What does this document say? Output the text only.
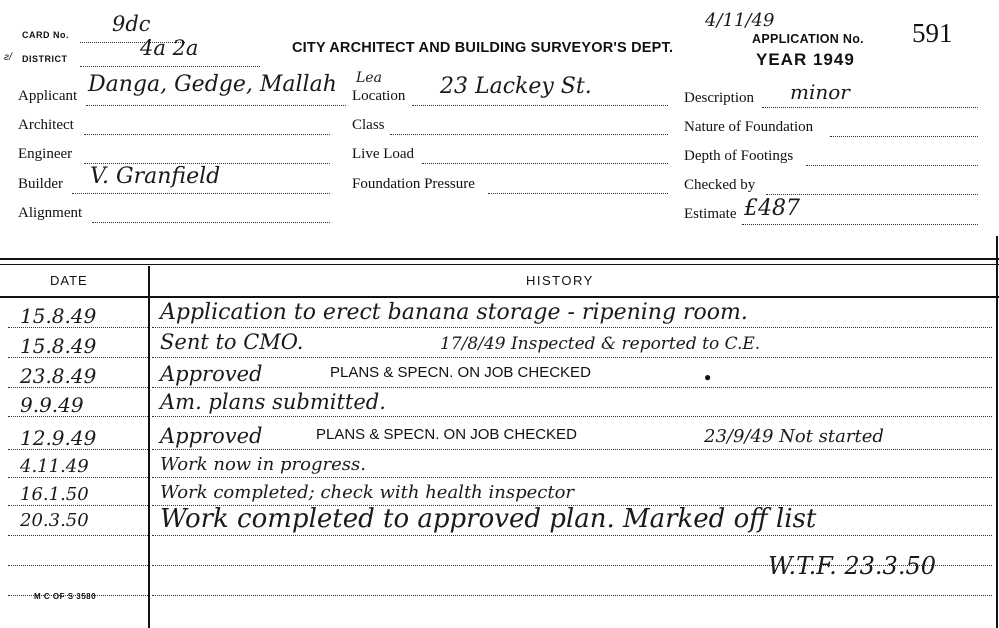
CARD No. 9dc
ƨ/ DISTRICT	4a 2a	CITY ARCHITECT AND BUILDING SURVEYOR'S DEPT.
4/11/49
APPLICATION No. 591
YEAR 1949
Applicant Danga, Gedge, Mallah
Architect
Engineer
Builder V. Granfield
Alignment
Lea
Location 23 Lackey St.
Class
Live Load
Foundation Pressure
Description minor
Nature of Foundation
Depth of Footings
Checked by
Estimate £487
DATE	HISTORY
15.8.49	Application to erect banana storage - ripening room.
15.8.49	Sent to CMO.	17/8/49 Inspected & reported to C.E.
23.8.49	Approved	PLANS & SPECN. ON JOB CHECKED	●
9.9.49	Am. plans submitted.
12.9.49	Approved	PLANS & SPECN. ON JOB CHECKED	23/9/49 Not started
4.11.49	Work now in progress.
16.1.50	Work completed; check with health inspector
20.3.50	Work completed to approved plan. Marked off list
W.T.F. 23.3.50
M C OF S 3580
